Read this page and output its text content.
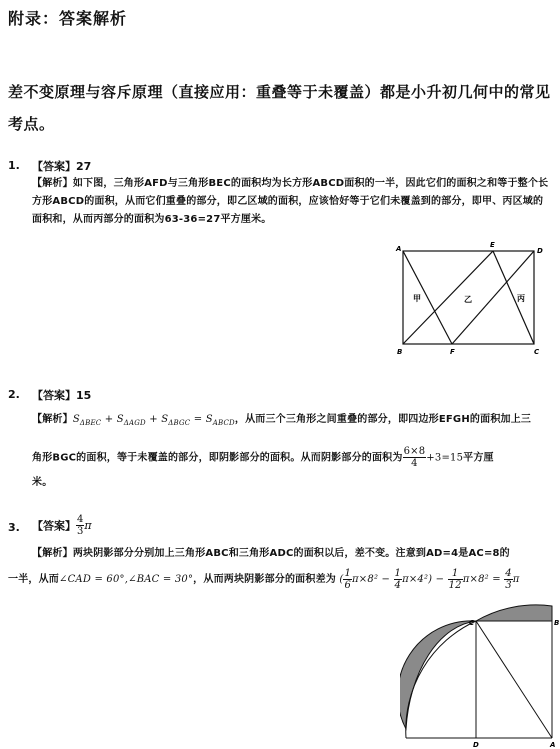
附录：答案解析
差不变原理与容斥原理（直接应用：重叠等于未覆盖）都是小升初几何中的常见考点。
1. 【答案】27
【解析】如下图，三角形AFD与三角形BEC的面积均为长方形ABCD面积的一半，因此它们的面积之和等于整个长方形ABCD的面积，从而它们重叠的部分，即乙区域的面积，应该恰好等于它们未覆盖到的部分，即甲、丙区域的面积和，从而丙部分的面积为63-36=27平方厘米。
A
B	C
D
E
F
甲	乙	丙
2. 【答案】15
【解析】$S_{\Delta BEC} + S_{\Delta AGD} + S_{\Delta BGC} = S_{ABCD}$，从而三个三角形之间重叠的部分，即四边形EFGH的面积加上三
角形BGC的面积，等于未覆盖的部分，即阴影部分的面积。从而阴影部分的面积为 $\frac{6\times 8}{4} +3=15$平方厘
米。
3. 【答案】 $\frac{4}{3}$ π
【解析】两块阴影部分分别加上三角形ABC和三角形ADC的面积以后，差不变。注意到AD=4是AC=8的
一半，从而∠CAD = 60°,∠BAC = 30°，从而两块阴影部分的面积差为 ( $\frac{1}{6} \pi\times 8^2 - \frac{1}{4} \pi\times 4^2) - \frac{1}{12} \pi\times 8^2 = \frac{4}{3}$ π
C	B
D	A
